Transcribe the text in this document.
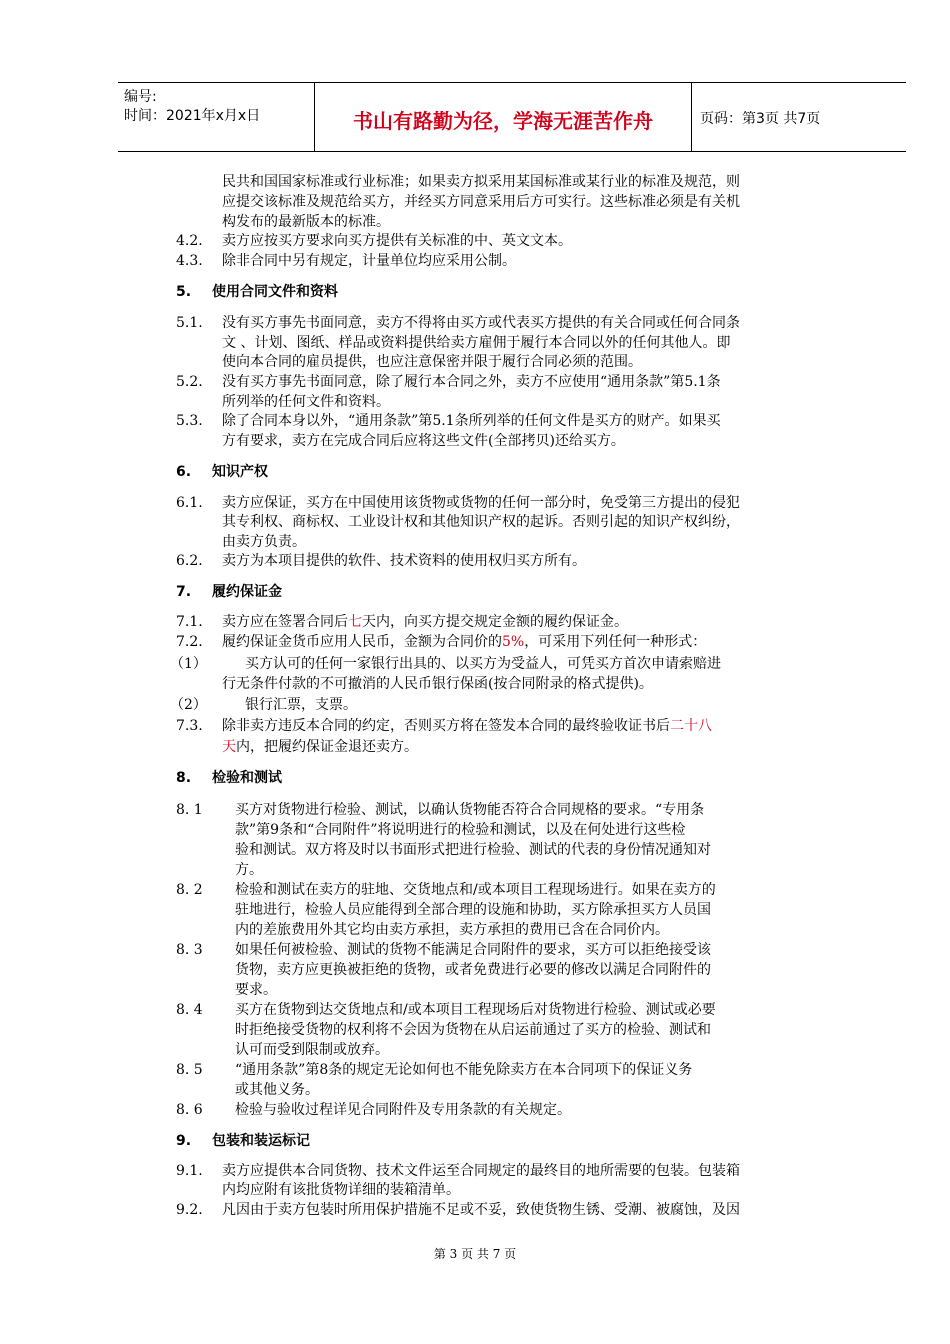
编号:
时间：2021年x月x日	书山有路勤为径，学海无涯苦作舟	页码：第3页 共7页
民共和国国家标准或行业标准；如果卖方拟采用某国标准或某行业的标准及规范，则
应提交该标准及规范给买方，并经买方同意采用后方可实行。这些标准必须是有关机
构发布的最新版本的标准。
4.2. 卖方应按买方要求向买方提供有关标准的中、英文文本。
4.3. 除非合同中另有规定，计量单位均应采用公制。
5. 使用合同文件和资料
5.1. 没有买方事先书面同意，卖方不得将由买方或代表买方提供的有关合同或任何合同条
文 、计划、图纸、样品或资料提供给卖方雇佣于履行本合同以外的任何其他人。即
使向本合同的雇员提供，也应注意保密并限于履行合同必须的范围。
5.2. 没有买方事先书面同意，除了履行本合同之外，卖方不应使用“通用条款”第5.1条
所列举的任何文件和资料。
5.3. 除了合同本身以外，“通用条款”第5.1条所列举的任何文件是买方的财产。如果买
方有要求，卖方在完成合同后应将这些文件(全部拷贝)还给买方。
6. 知识产权
6.1. 卖方应保证，买方在中国使用该货物或货物的任何一部分时，免受第三方提出的侵犯
其专利权、商标权、工业设计权和其他知识产权的起诉。否则引起的知识产权纠纷，
由卖方负责。
6.2. 卖方为本项目提供的软件、技术资料的使用权归买方所有。
7. 履约保证金
7.1. 卖方应在签署合同后七天内，向买方提交规定金额的履约保证金。
7.2. 履约保证金货币应用人民币，金额为合同价的5%，可采用下列任何一种形式：
（1）	买方认可的任何一家银行出具的、以买方为受益人，可凭买方首次申请索赔进
行无条件付款的不可撤消的人民币银行保函(按合同附录的格式提供)。
（2）	银行汇票，支票。
7.3. 除非卖方违反本合同的约定，否则买方将在签发本合同的最终验收证书后二十八
天内，把履约保证金退还卖方。
8. 检验和测试
8. 1 买方对货物进行检验、测试，以确认货物能否符合合同规格的要求。“专用条
款”第9条和“合同附件”将说明进行的检验和测试，以及在何处进行这些检
验和测试。双方将及时以书面形式把进行检验、测试的代表的身份情况通知对
方。
8. 2 检验和测试在卖方的驻地、交货地点和/或本项目工程现场进行。如果在卖方的
驻地进行，检验人员应能得到全部合理的设施和协助，买方除承担买方人员国
内的差旅费用外其它均由卖方承担，卖方承担的费用已含在合同价内。
8. 3 如果任何被检验、测试的货物不能满足合同附件的要求，买方可以拒绝接受该
货物，卖方应更换被拒绝的货物，或者免费进行必要的修改以满足合同附件的
要求。
8. 4 买方在货物到达交货地点和/或本项目工程现场后对货物进行检验、测试或必要
时拒绝接受货物的权利将不会因为货物在从启运前通过了买方的检验、测试和
认可而受到限制或放弃。
8. 5 “通用条款”第8条的规定无论如何也不能免除卖方在本合同项下的保证义务
或其他义务。
8. 6 检验与验收过程详见合同附件及专用条款的有关规定。
9. 包装和装运标记
9.1. 卖方应提供本合同货物、技术文件运至合同规定的最终目的地所需要的包装。包装箱
内均应附有该批货物详细的装箱清单。
9.2. 凡因由于卖方包装时所用保护措施不足或不妥，致使货物生锈、受潮、被腐蚀，及因
第 3 页 共 7 页
